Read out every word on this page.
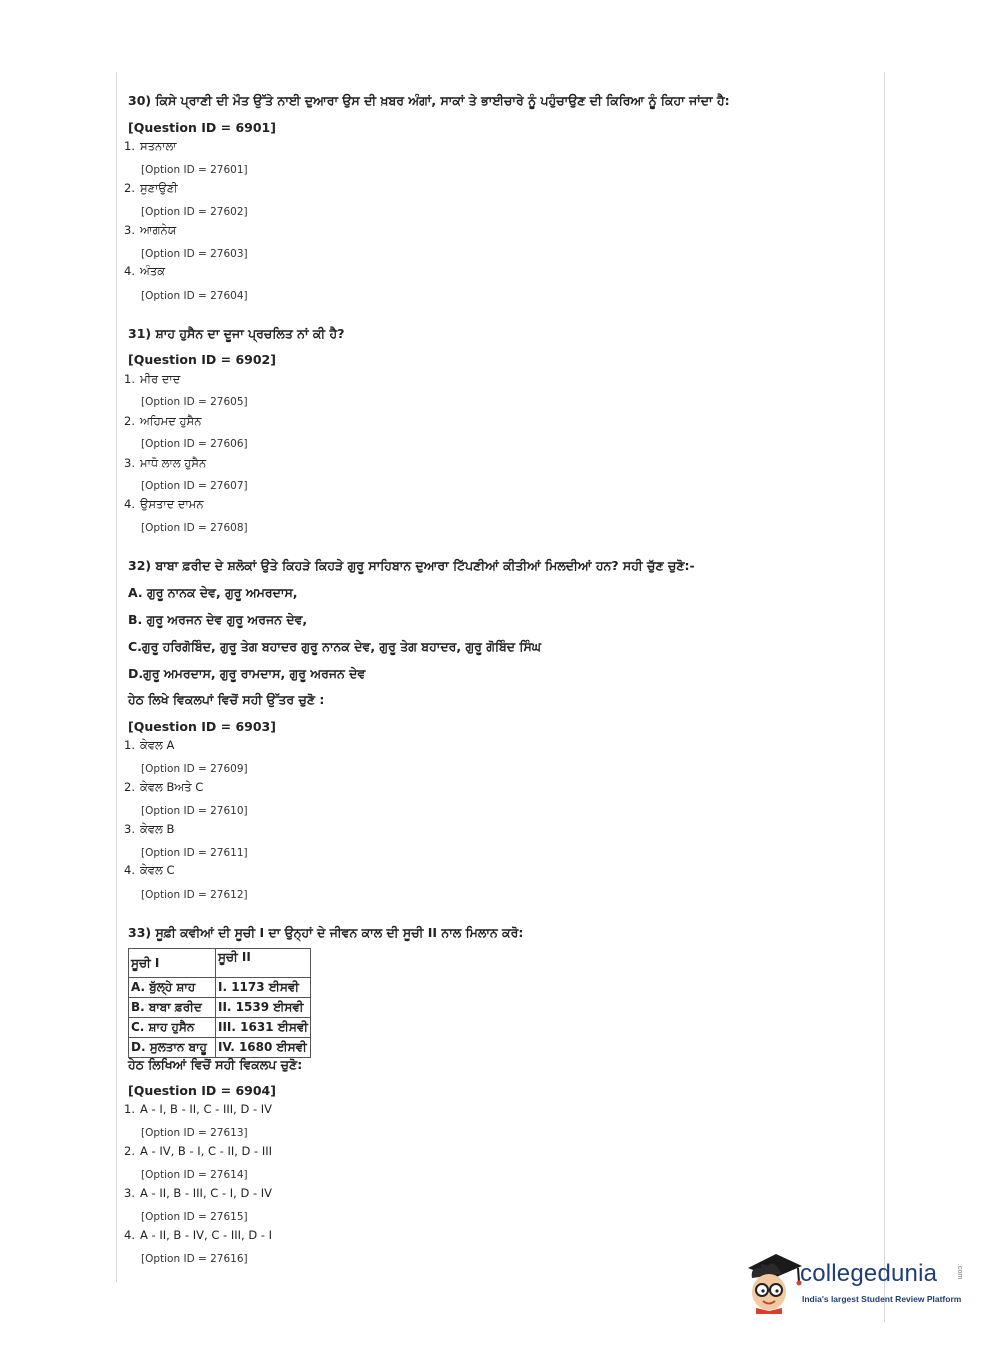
30) ਕਿਸੇ ਪ੍ਰਾਣੀ ਦੀ ਮੌਤ ਉੱਤੇ ਨਾਈ ਦੁਆਰਾ ਉਸ ਦੀ ਖ਼ਬਰ ਅੰਗਾਂ, ਸਾਕਾਂ ਤੇ ਭਾਈਚਾਰੇ ਨੂੰ ਪਹੁੰਚਾਉਣ ਦੀ ਕਿਰਿਆ ਨੂੰ ਕਿਹਾ ਜਾਂਦਾ ਹੈ:
[Question ID = 6901]
1. ਸਤਨਾਲਾ
[Option ID = 27601]
2. ਸੁਣਾਉਣੀ
[Option ID = 27602]
3. ਆਗਨੇਯ
[Option ID = 27603]
4. ਅੰਤਕ
[Option ID = 27604]
31) ਸ਼ਾਹ ਹੁਸੈਨ ਦਾ ਦੂਜਾ ਪ੍ਰਚਲਿਤ ਨਾਂ ਕੀ ਹੈ?
[Question ID = 6902]
1. ਮੀਰ ਦਾਦ
[Option ID = 27605]
2. ਅਹਿਮਦ ਹੁਸੈਨ
[Option ID = 27606]
3. ਮਾਧੋ ਲਾਲ ਹੁਸੈਨ
[Option ID = 27607]
4. ਉਸਤਾਦ ਦਾਮਨ
[Option ID = 27608]
32) ਬਾਬਾ ਫ਼ਰੀਦ ਦੇ ਸ਼ਲੋਕਾਂ ਉਤੇ ਕਿਹੜੇ ਕਿਹੜੇ ਗੁਰੂ ਸਾਹਿਬਾਨ ਦੁਆਰਾ ਟਿੱਪਣੀਆਂ ਕੀਤੀਆਂ ਮਿਲਦੀਆਂ ਹਨ? ਸਹੀ ਚੁੱਣ ਚੁਣੋ:-
A. ਗੁਰੂ ਨਾਨਕ ਦੇਵ, ਗੁਰੂ ਅਮਰਦਾਸ,
B. ਗੁਰੂ ਅਰਜਨ ਦੇਵ ਗੁਰੂ ਅਰਜਨ ਦੇਵ,
C.ਗੁਰੂ ਹਰਿਗੋਬਿੰਦ, ਗੁਰੂ ਤੇਗ ਬਹਾਦਰ ਗੁਰੂ ਨਾਨਕ ਦੇਵ, ਗੁਰੂ ਤੇਗ ਬਹਾਦਰ, ਗੁਰੂ ਗੋਬਿੰਦ ਸਿੰਘ
D.ਗੁਰੂ ਅਮਰਦਾਸ, ਗੁਰੂ ਰਾਮਦਾਸ, ਗੁਰੂ ਅਰਜਨ ਦੇਵ
ਹੇਠ ਲਿਖੇ ਵਿਕਲਪਾਂ ਵਿਚੋਂ ਸਹੀ ਉੱਤਰ ਚੁਣੋ :
[Question ID = 6903]
1. ਕੇਵਲ A
[Option ID = 27609]
2. ਕੇਵਲ Bਅਤੇ C
[Option ID = 27610]
3. ਕੇਵਲ B
[Option ID = 27611]
4. ਕੇਵਲ C
[Option ID = 27612]
33) ਸੂਫ਼ੀ ਕਵੀਆਂ ਦੀ ਸੂਚੀ I ਦਾ ਉਨ੍ਹਾਂ ਦੇ ਜੀਵਨ ਕਾਲ ਦੀ ਸੂਚੀ II ਨਾਲ ਮਿਲਾਨ ਕਰੋ:
ਸੂਚੀ I	ਸੂਚੀ II
A. ਬੁੱਲ੍ਹੇ ਸ਼ਾਹ	I. 1173 ਈਸਵੀ
B. ਬਾਬਾ ਫ਼ਰੀਦ	II. 1539 ਈਸਵੀ
C. ਸ਼ਾਹ ਹੁਸੈਨ	III. 1631 ਈਸਵੀ
D. ਸੁਲਤਾਨ ਬਾਹੂ	IV. 1680 ਈਸਵੀ
ਹੇਠ ਲਿਖਿਆਂ ਵਿਚੋਂ ਸਹੀ ਵਿਕਲਪ ਚੁਣੋ:
[Question ID = 6904]
1. A - I, B - II, C - III, D - IV
[Option ID = 27613]
2. A - IV, B - I, C - II, D - III
[Option ID = 27614]
3. A - II, B - III, C - I, D - IV
[Option ID = 27615]
4. A - II, B - IV, C - III, D - I
[Option ID = 27616]
collegedunia	.com
India's largest Student Review Platform
